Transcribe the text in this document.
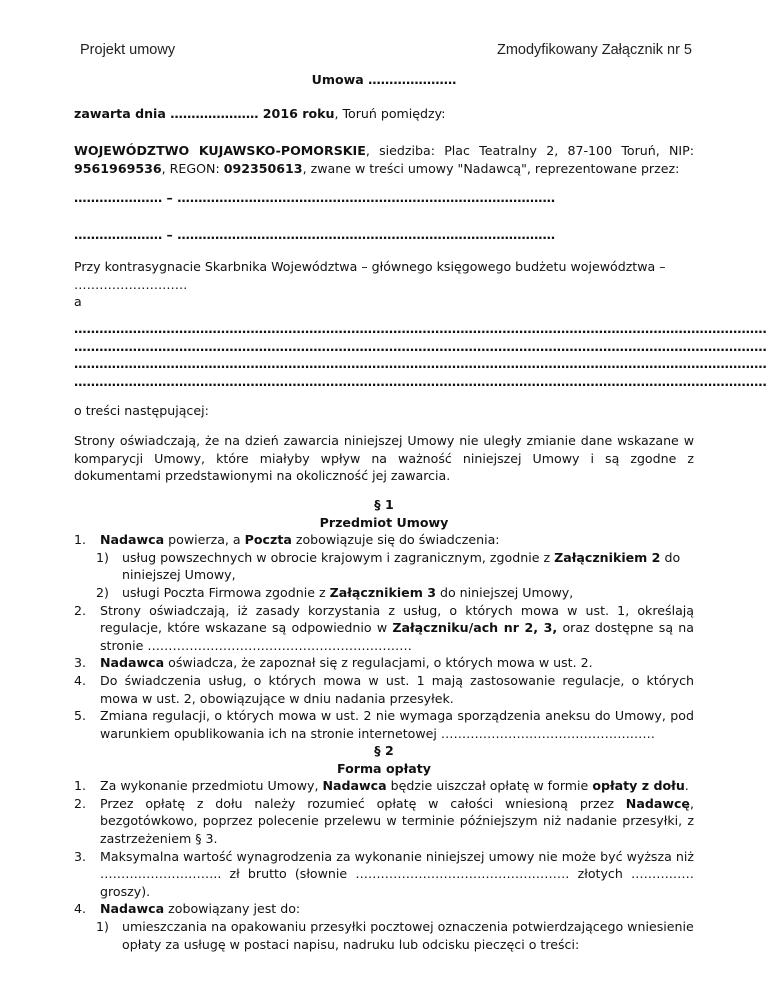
Projekt umowy	Zmodyfikowany Załącznik nr 5
Umowa …………………
zawarta dnia ………………… 2016 roku, Toruń pomiędzy:
WOJEWÓDZTWO KUJAWSKO-POMORSKIE, siedziba: Plac Teatralny 2, 87-100 Toruń, NIP: 9561969536, REGON: 092350613, zwane w treści umowy "Nadawcą", reprezentowane przez:
………………… – ………………………………………………………………………………
………………… – ………………………………………………………………………………
Przy kontrasygnacie Skarbnika Województwa – głównego księgowego budżetu województwa –
………………………
a
…………………………………………………………………………………………………………………………………………………
…………………………………………………………………………………………………………………………………………………
…………………………………………………………………………………………………………………………………………………
…………………………………………………………………………………………………………………………………………………
o treści następującej:
Strony oświadczają, że na dzień zawarcia niniejszej Umowy nie uległy zmianie dane wskazane w komparycji Umowy, które miałyby wpływ na ważność niniejszej Umowy i są zgodne z dokumentami przedstawionymi na okoliczność jej zawarcia.
§ 1
Przedmiot Umowy
1. Nadawca powierza, a Poczta zobowiązuje się do świadczenia:
1) usług powszechnych w obrocie krajowym i zagranicznym, zgodnie z Załącznikiem 2 do niniejszej Umowy,
2) usługi Poczta Firmowa zgodnie z Załącznikiem 3 do niniejszej Umowy,
2. Strony oświadczają, iż zasady korzystania z usług, o których mowa w ust. 1, określają regulacje, które wskazane są odpowiednio w Załączniku/ach nr 2, 3, oraz dostępne są na stronie ………………………………………………………
3. Nadawca oświadcza, że zapoznał się z regulacjami, o których mowa w ust. 2.
4. Do świadczenia usług, o których mowa w ust. 1 mają zastosowanie regulacje, o których mowa w ust. 2, obowiązujące w dniu nadania przesyłek.
5. Zmiana regulacji, o których mowa w ust. 2 nie wymaga sporządzenia aneksu do Umowy, pod warunkiem opublikowania ich na stronie internetowej ……………………………………………
§ 2
Forma opłaty
1. Za wykonanie przedmiotu Umowy, Nadawca będzie uiszczał opłatę w formie opłaty z dołu.
2. Przez opłatę z dołu należy rozumieć opłatę w całości wniesioną przez Nadawcę, bezgotówkowo, poprzez polecenie przelewu w terminie późniejszym niż nadanie przesyłki, z zastrzeżeniem § 3.
3. Maksymalna wartość wynagrodzenia za wykonanie niniejszej umowy nie może być wyższa niż ……………………….. zł brutto (słownie …………………………………………… złotych ……………groszy).
4. Nadawca zobowiązany jest do:
1) umieszczania na opakowaniu przesyłki pocztowej oznaczenia potwierdzającego wniesienie opłaty za usługę w postaci napisu, nadruku lub odcisku pieczęci o treści:
